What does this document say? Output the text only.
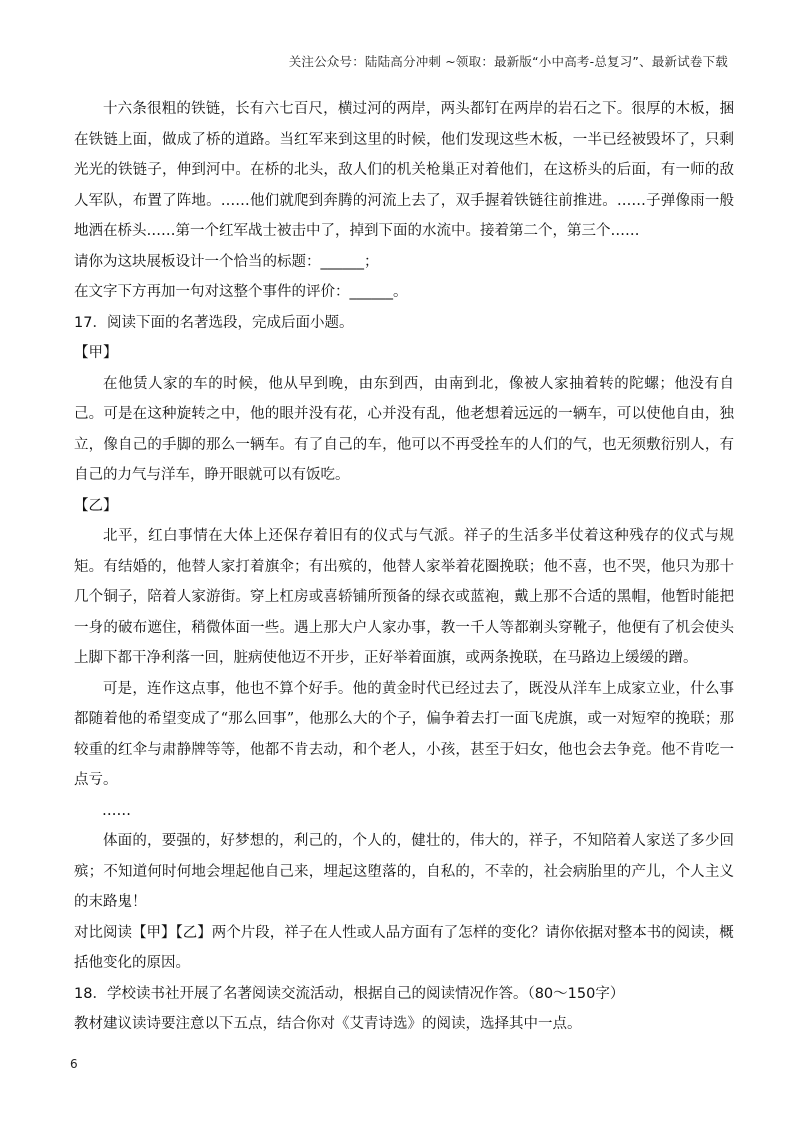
关注公众号：陆陆高分冲刺 ~领取：最新版“小中高考-总复习”、最新试卷下载

十六条很粗的铁链，长有六七百尺，横过河的两岸，两头都钉在两岸的岩石之下。很厚的木板，捆在铁链上面，做成了桥的道路。当红军来到这里的时候，他们发现这些木板，一半已经被毁坏了，只剩光光的铁链子，伸到河中。在桥的北头，敌人们的机关枪巢正对着他们，在这桥头的后面，有一师的敌人军队，布置了阵地。……他们就爬到奔腾的河流上去了，双手握着铁链往前推进。……子弹像雨一般地洒在桥头……第一个红军战士被击中了，掉到下面的水流中。接着第二个，第三个……

请你为这块展板设计一个恰当的标题：______；

在文字下方再加一句对这整个事件的评价：______。

17．阅读下面的名著选段，完成后面小题。

【甲】

在他赁人家的车的时候，他从早到晚，由东到西，由南到北，像被人家抽着转的陀螺；他没有自己。可是在这种旋转之中，他的眼并没有花，心并没有乱，他老想着远远的一辆车，可以使他自由，独立，像自己的手脚的那么一辆车。有了自己的车，他可以不再受拴车的人们的气，也无须敷衍别人，有自己的力气与洋车，睁开眼就可以有饭吃。

【乙】

北平，红白事情在大体上还保存着旧有的仪式与气派。祥子的生活多半仗着这种残存的仪式与规矩。有结婚的，他替人家打着旗伞；有出殡的，他替人家举着花圈挽联；他不喜，也不哭，他只为那十几个铜子，陪着人家游街。穿上杠房或喜轿铺所预备的绿衣或蓝袍，戴上那不合适的黑帽，他暂时能把一身的破布遮住，稍微体面一些。遇上那大户人家办事，教一千人等都剃头穿靴子，他便有了机会使头上脚下都干净利落一回，脏病使他迈不开步，正好举着面旗，或两条挽联，在马路边上缓缓的蹭。

可是，连作这点事，他也不算个好手。他的黄金时代已经过去了，既没从洋车上成家立业，什么事都随着他的希望变成了“那么回事”，他那么大的个子，偏争着去打一面飞虎旗，或一对短窄的挽联；那较重的红伞与肃静牌等等，他都不肯去动，和个老人，小孩，甚至于妇女，他也会去争竞。他不肯吃一点亏。

……

体面的，要强的，好梦想的，利己的，个人的，健壮的，伟大的，祥子，不知陪着人家送了多少回殡；不知道何时何地会埋起他自己来，埋起这堕落的，自私的，不幸的，社会病胎里的产儿，个人主义的末路鬼！

对比阅读【甲】【乙】两个片段，祥子在人性或人品方面有了怎样的变化？请你依据对整本书的阅读，概括他变化的原因。

18．学校读书社开展了名著阅读交流活动，根据自己的阅读情况作答。（80～150字）

教材建议读诗要注意以下五点，结合你对《艾青诗选》的阅读，选择其中一点。

6
